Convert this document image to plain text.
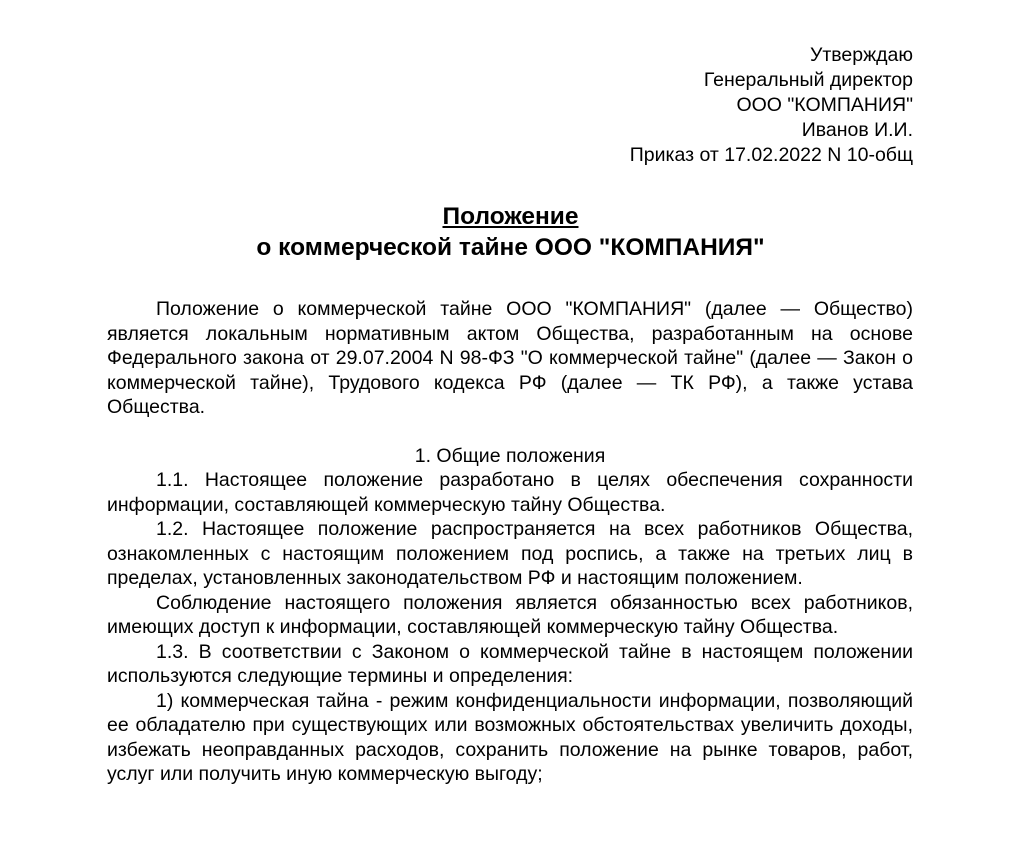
Утверждаю
Генеральный директор
ООО "КОМПАНИЯ"
Иванов И.И.
Приказ от 17.02.2022 N 10-общ
Положение
о коммерческой тайне ООО "КОМПАНИЯ"

Положение о коммерческой тайне ООО "КОМПАНИЯ" (далее — Общество) является локальным нормативным актом Общества, разработанным на основе Федерального закона от 29.07.2004 N 98-ФЗ "О коммерческой тайне" (далее — Закон о коммерческой тайне), Трудового кодекса РФ (далее — ТК РФ), а также устава Общества.

1. Общие положения

1.1. Настоящее положение разработано в целях обеспечения сохранности информации, составляющей коммерческую тайну Общества.

1.2. Настоящее положение распространяется на всех работников Общества, ознакомленных с настоящим положением под роспись, а также на третьих лиц в пределах, установленных законодательством РФ и настоящим положением.

Соблюдение настоящего положения является обязанностью всех работников, имеющих доступ к информации, составляющей коммерческую тайну Общества.

1.3. В соответствии с Законом о коммерческой тайне в настоящем положении используются следующие термины и определения:

1) коммерческая тайна - режим конфиденциальности информации, позволяющий ее обладателю при существующих или возможных обстоятельствах увеличить доходы, избежать неоправданных расходов, сохранить положение на рынке товаров, работ, услуг или получить иную коммерческую выгоду;
